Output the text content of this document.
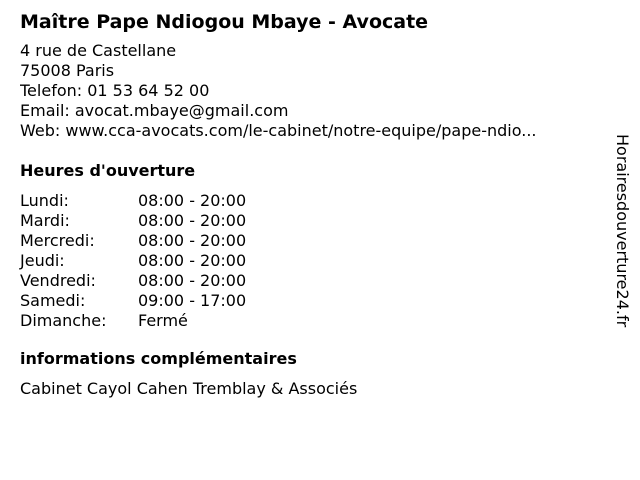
Maître Pape Ndiogou Mbaye - Avocate
4 rue de Castellane
75008 Paris
Telefon: 01 53 64 52 00
Email: avocat.mbaye@gmail.com
Web: www.cca-avocats.com/le-cabinet/notre-equipe/pape-ndio...
Heures d'ouverture
Lundi:	08:00 - 20:00
Mardi:	08:00 - 20:00
Mercredi:	08:00 - 20:00
Jeudi:	08:00 - 20:00
Vendredi:	08:00 - 20:00
Samedi:	09:00 - 17:00
Dimanche:	Fermé
informations complémentaires
Cabinet Cayol Cahen Tremblay & Associés
Horairesdouverture24.fr
